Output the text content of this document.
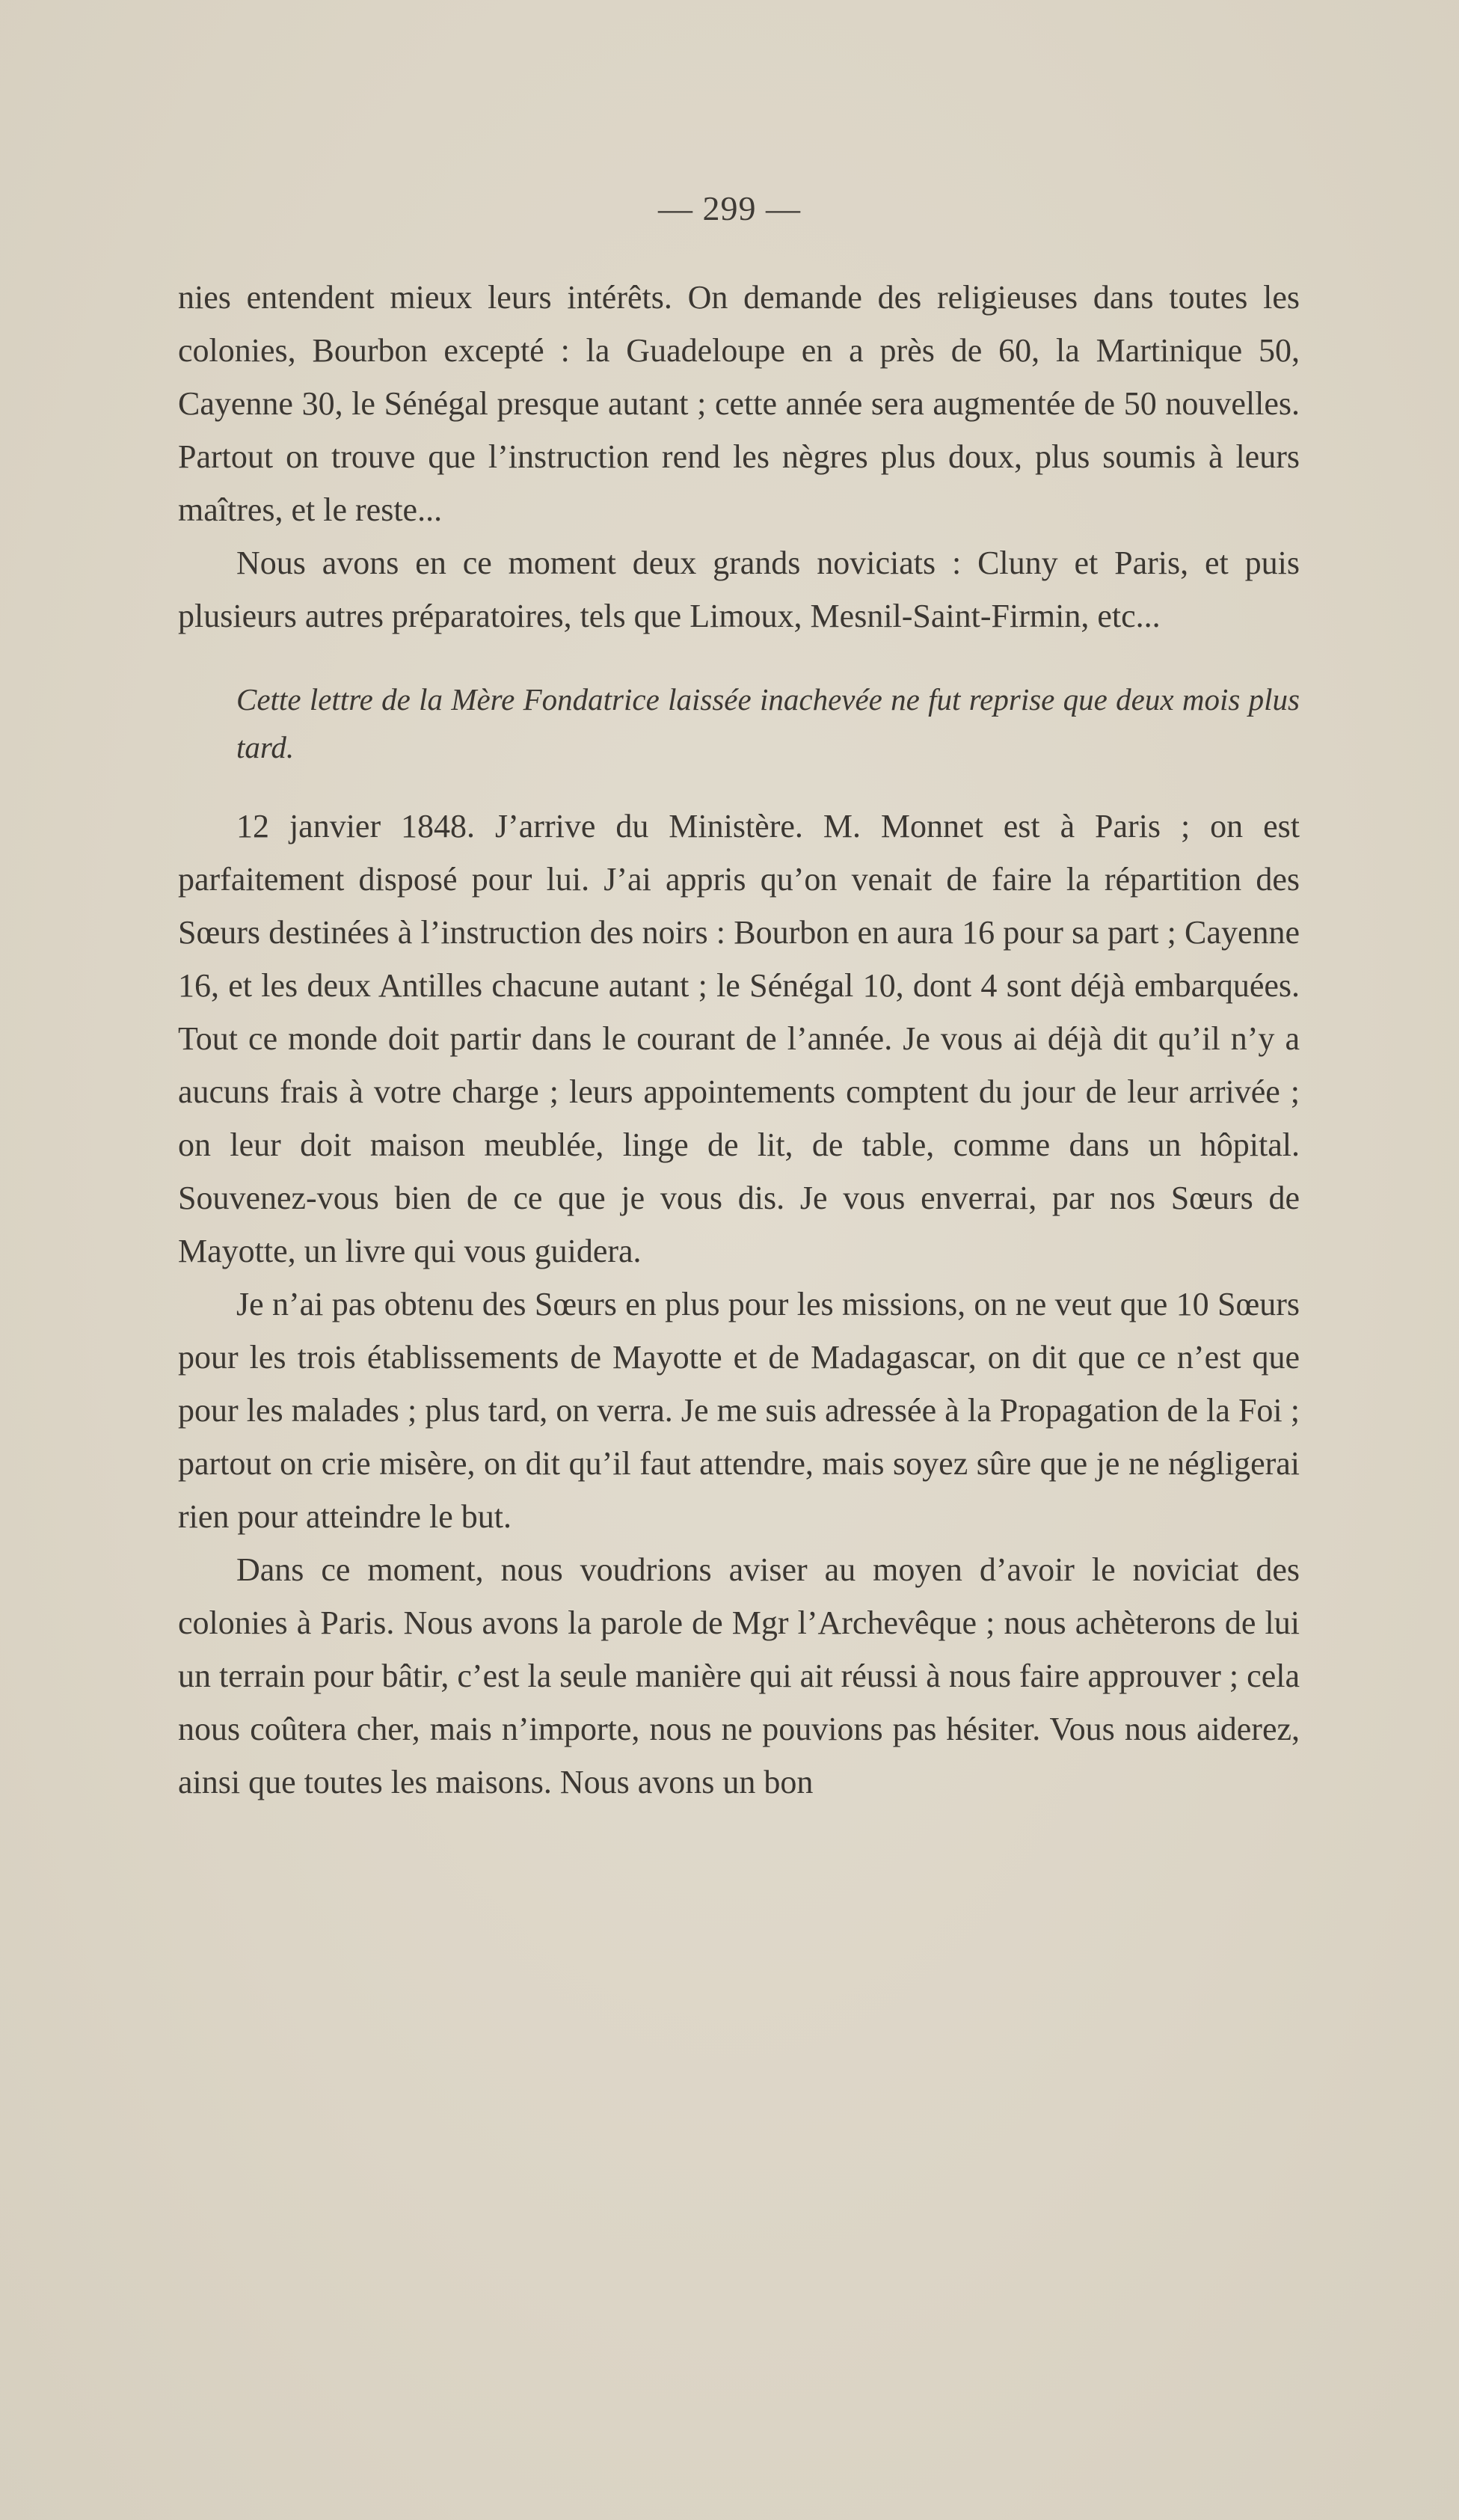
— 299 —

nies entendent mieux leurs intérêts. On demande des religieuses dans toutes les colonies, Bourbon excepté : la Guadeloupe en a près de 60, la Martinique 50, Cayenne 30, le Sénégal presque autant ; cette année sera augmentée de 50 nouvelles. Partout on trouve que l’instruction rend les nègres plus doux, plus soumis à leurs maîtres, et le reste...

Nous avons en ce moment deux grands noviciats : Cluny et Paris, et puis plusieurs autres préparatoires, tels que Limoux, Mesnil-Saint-Firmin, etc...

Cette lettre de la Mère Fondatrice laissée inachevée ne fut reprise que deux mois plus tard.

12 janvier 1848. J’arrive du Ministère. M. Monnet est à Paris ; on est parfaitement disposé pour lui. J’ai appris qu’on venait de faire la répartition des Sœurs destinées à l’instruction des noirs : Bourbon en aura 16 pour sa part ; Cayenne 16, et les deux Antilles chacune autant ; le Sénégal 10, dont 4 sont déjà embarquées. Tout ce monde doit partir dans le courant de l’année. Je vous ai déjà dit qu’il n’y a aucuns frais à votre charge ; leurs appointements comptent du jour de leur arrivée ; on leur doit maison meublée, linge de lit, de table, comme dans un hôpital. Souvenez-vous bien de ce que je vous dis. Je vous enverrai, par nos Sœurs de Mayotte, un livre qui vous guidera.

Je n’ai pas obtenu des Sœurs en plus pour les missions, on ne veut que 10 Sœurs pour les trois établissements de Mayotte et de Madagascar, on dit que ce n’est que pour les malades ; plus tard, on verra. Je me suis adressée à la Propagation de la Foi ; partout on crie misère, on dit qu’il faut attendre, mais soyez sûre que je ne négligerai rien pour atteindre le but.

Dans ce moment, nous voudrions aviser au moyen d’avoir le noviciat des colonies à Paris. Nous avons la parole de Mgr l’Archevêque ; nous achèterons de lui un terrain pour bâtir, c’est la seule manière qui ait réussi à nous faire approuver ; cela nous coûtera cher, mais n’importe, nous ne pouvions pas hésiter. Vous nous aiderez, ainsi que toutes les maisons. Nous avons un bon
